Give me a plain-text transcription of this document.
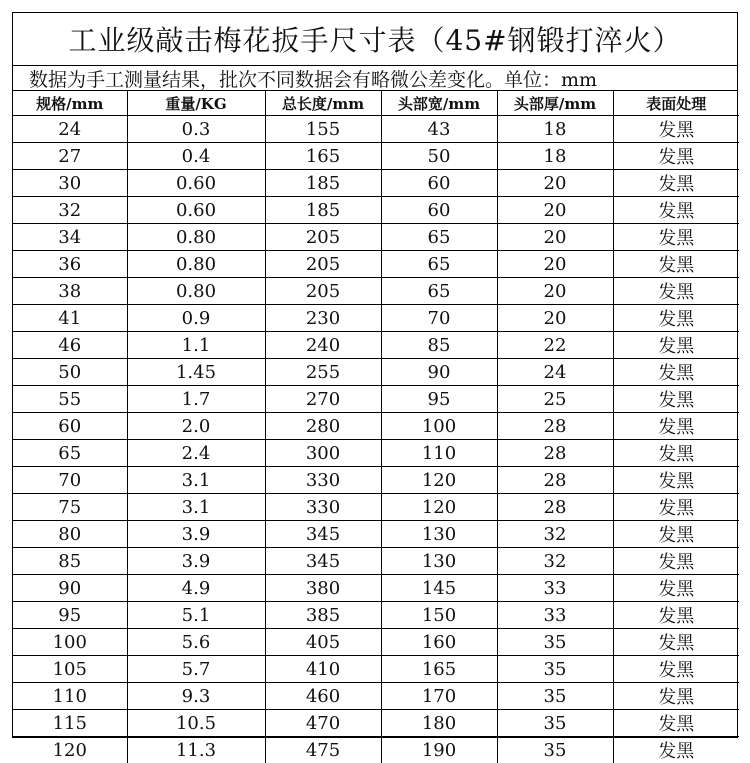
工业级敲击梅花扳手尺寸表（45#钢锻打淬火）
数据为手工测量结果，批次不同数据会有略微公差变化。单位：mm
规格/mm	重量/KG	总长度/mm	头部宽/mm	头部厚/mm	表面处理
24	0.3	155	43	18	发黑
27	0.4	165	50	18	发黑
30	0.60	185	60	20	发黑
32	0.60	185	60	20	发黑
34	0.80	205	65	20	发黑
36	0.80	205	65	20	发黑
38	0.80	205	65	20	发黑
41	0.9	230	70	20	发黑
46	1.1	240	85	22	发黑
50	1.45	255	90	24	发黑
55	1.7	270	95	25	发黑
60	2.0	280	100	28	发黑
65	2.4	300	110	28	发黑
70	3.1	330	120	28	发黑
75	3.1	330	120	28	发黑
80	3.9	345	130	32	发黑
85	3.9	345	130	32	发黑
90	4.9	380	145	33	发黑
95	5.1	385	150	33	发黑
100	5.6	405	160	35	发黑
105	5.7	410	165	35	发黑
110	9.3	460	170	35	发黑
115	10.5	470	180	35	发黑
120	11.3	475	190	35	发黑
